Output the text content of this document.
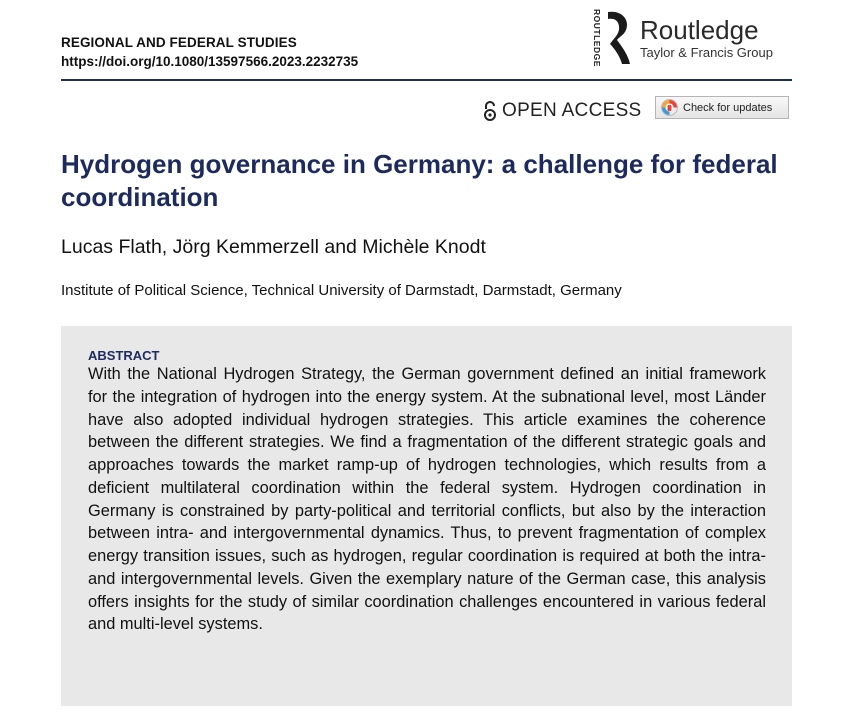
REGIONAL AND FEDERAL STUDIES
https://doi.org/10.1080/13597566.2023.2232735	ROUTLEDGE Routledge
Taylor & Francis Group
OPEN ACCESS	Check for updates
Hydrogen governance in Germany: a challenge for federal coordination
Lucas Flath, Jörg Kemmerzell and Michèle Knodt
Institute of Political Science, Technical University of Darmstadt, Darmstadt, Germany
ABSTRACT

With the National Hydrogen Strategy, the German government defined an initial framework for the integration of hydrogen into the energy system. At the subnational level, most Länder have also adopted individual hydrogen strategies. This article examines the coherence between the different strategies. We find a fragmentation of the different strategic goals and approaches towards the market ramp-up of hydrogen technologies, which results from a deficient multilateral coordination within the federal system. Hydrogen coordination in Germany is constrained by party-political and territorial conflicts, but also by the interaction between intra- and intergovernmental dynamics. Thus, to prevent fragmentation of complex energy transition issues, such as hydrogen, regular coordination is required at both the intra- and intergovernmental levels. Given the exemplary nature of the German case, this analysis offers insights for the study of similar coordination challenges encountered in various federal and multi-level systems.
